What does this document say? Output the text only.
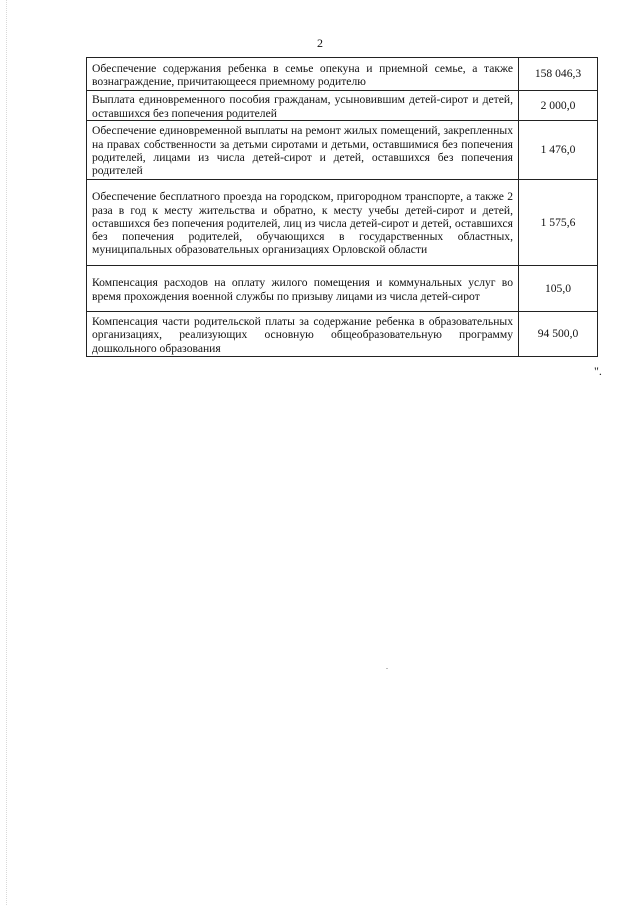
2
Обеспечение содержания ребенка в семье опекуна и приемной семье, а также вознаграждение, причитающееся приемному родителю	158 046,3
Выплата единовременного пособия гражданам, усыновившим детей-сирот и детей, оставшихся без попечения родителей	2 000,0
Обеспечение единовременной выплаты на ремонт жилых помещений, закрепленных на правах собственности за детьми сиротами и детьми, оставшимися без попечения родителей, лицами из числа детей-сирот и детей, оставшихся без попечения родителей	1 476,0
Обеспечение бесплатного проезда на городском, пригородном транспорте, а также 2 раза в год к месту жительства и обратно, к месту учебы детей-сирот и детей, оставшихся без попечения родителей, лиц из числа детей-сирот и детей, оставшихся без попечения родителей, обучающихся в государственных областных, муниципальных образовательных организациях Орловской области	1 575,6
Компенсация расходов на оплату жилого помещения и коммунальных услуг во время прохождения военной службы по призыву лицами из числа детей-сирот	105,0
Компенсация части родительской платы за содержание ребенка в образовательных организациях, реализующих основную общеобразовательную программу дошкольного образования	94 500,0
".
